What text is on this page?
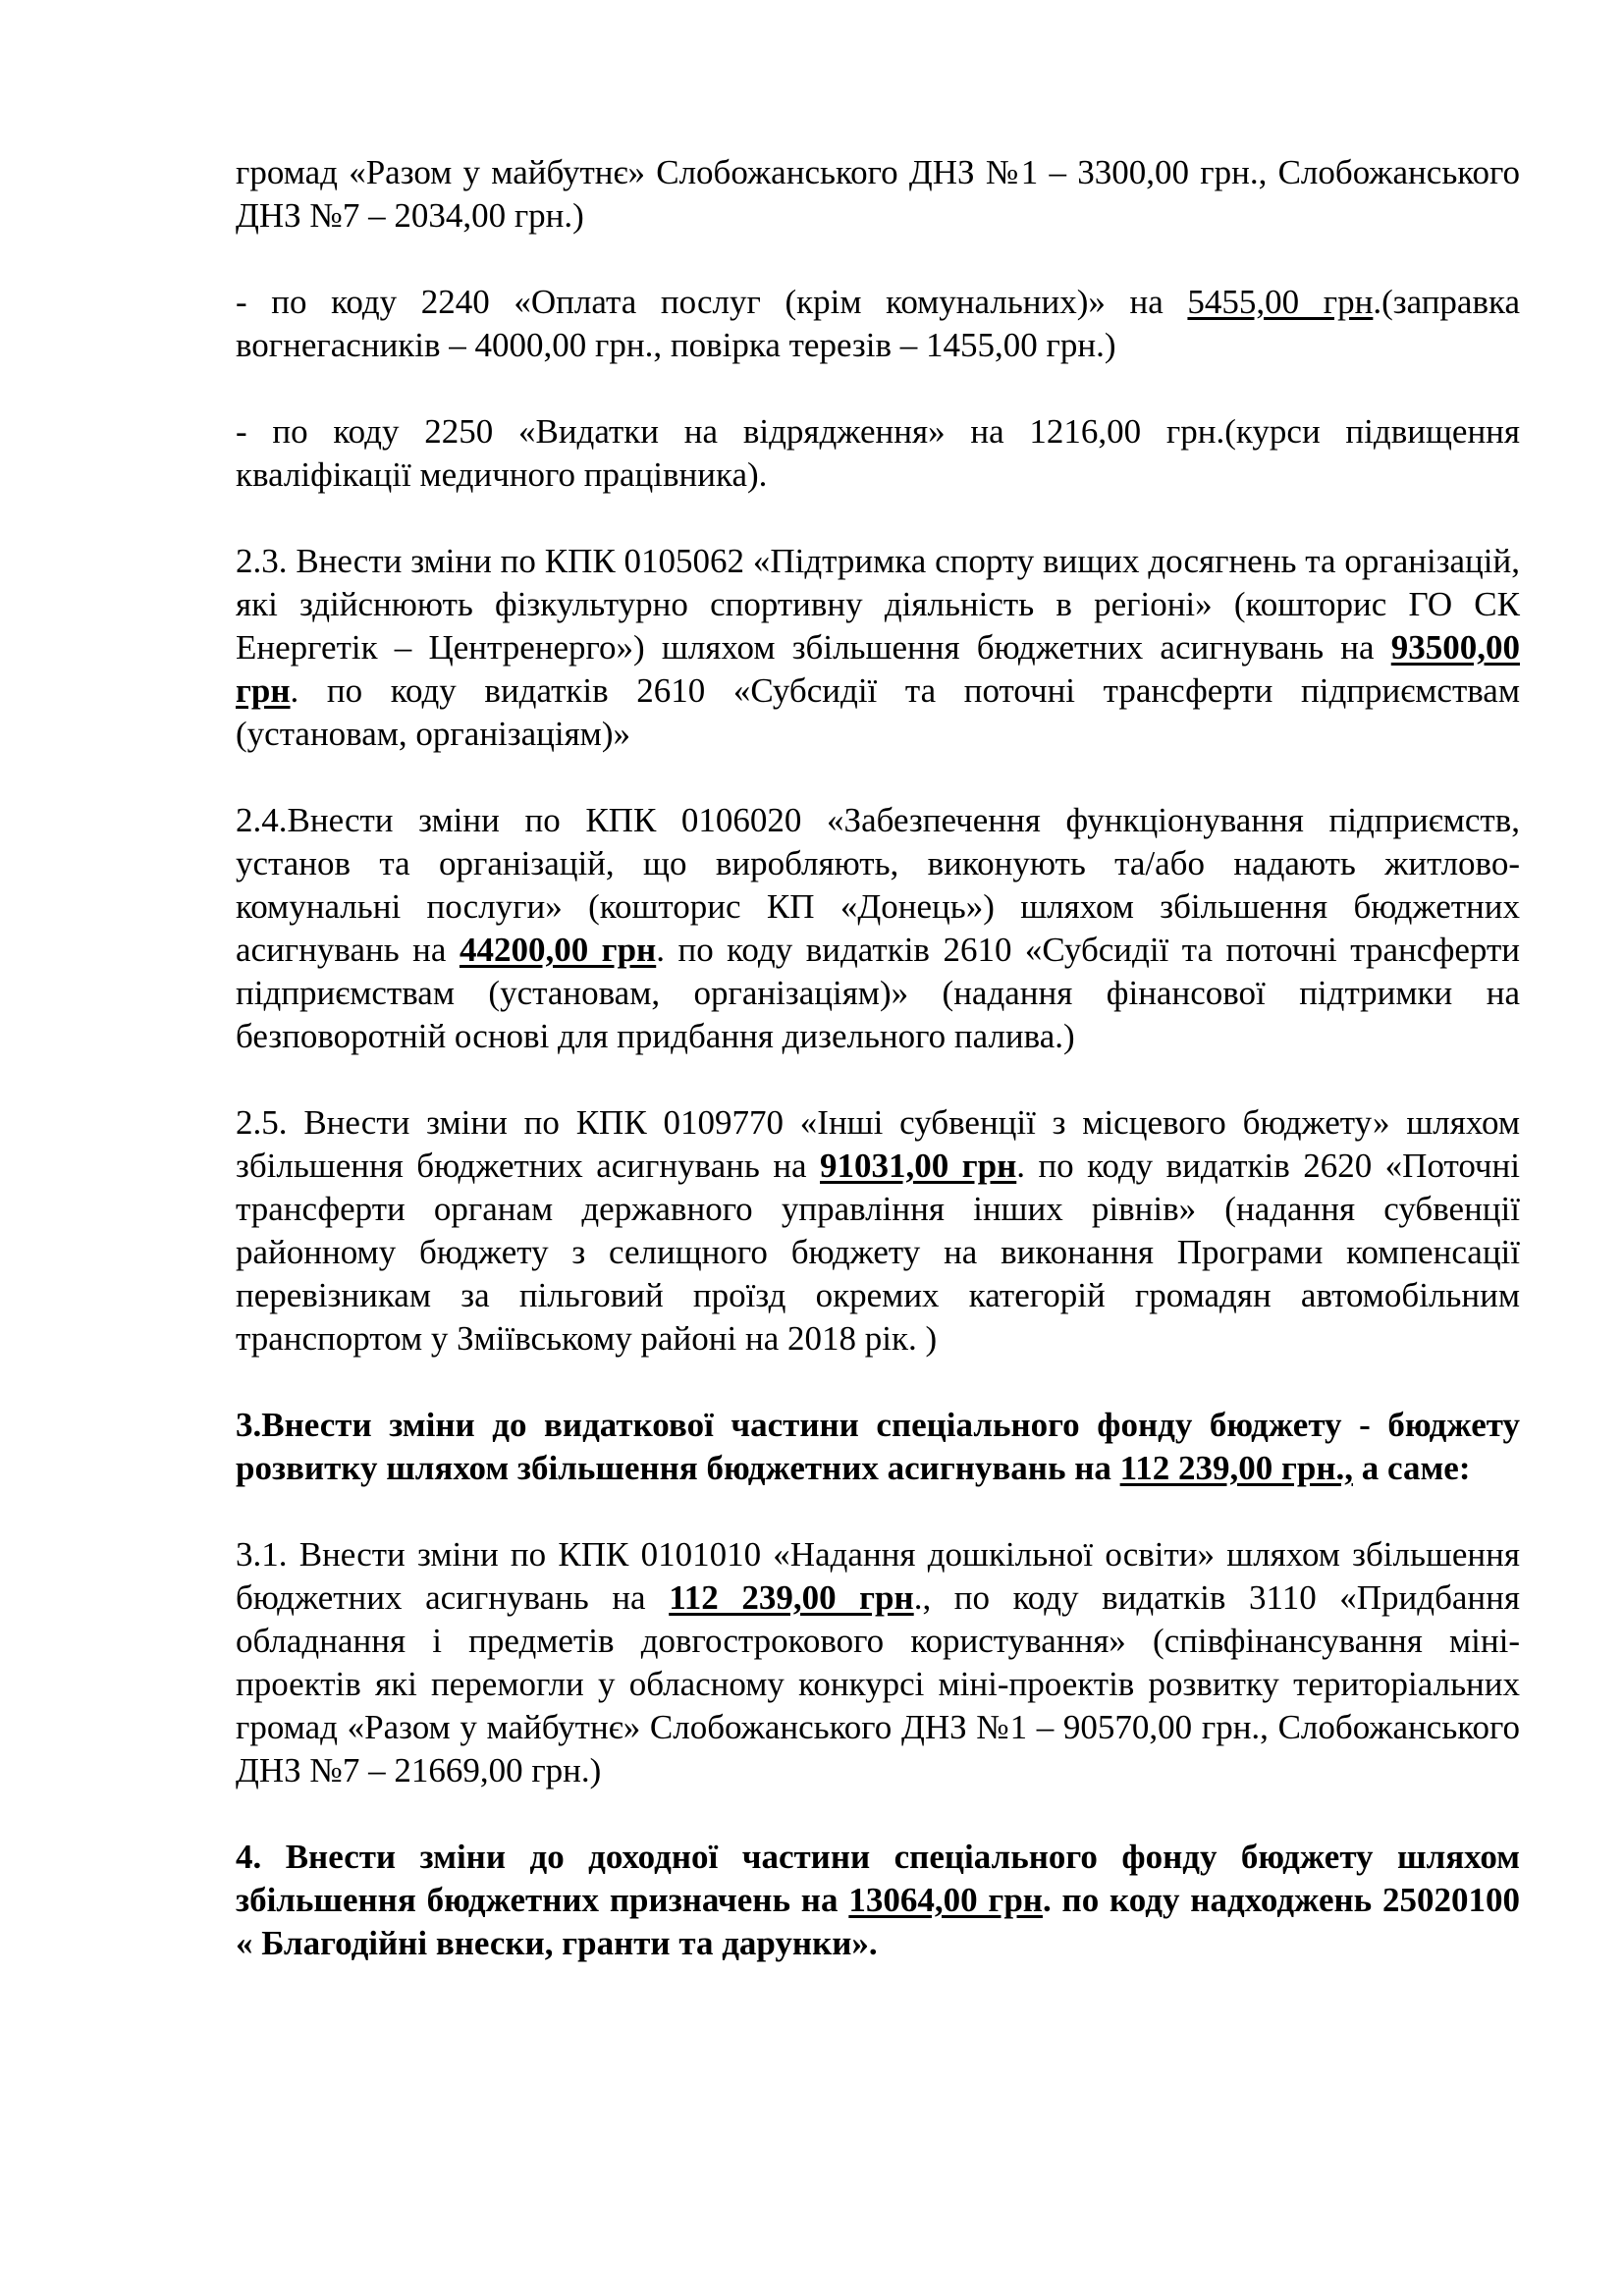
громад «Разом у майбутнє» Слобожанського ДНЗ №1 – 3300,00 грн., Слобожанського ДНЗ №7 – 2034,00 грн.)

- по коду 2240 «Оплата послуг (крім комунальних)» на 5455,00 грн.(заправка вогнегасників – 4000,00 грн., повірка терезів – 1455,00 грн.)

- по коду 2250 «Видатки на відрядження» на 1216,00 грн.(курси підвищення кваліфікації медичного працівника).

2.3. Внести зміни по КПК 0105062 «Підтримка спорту вищих досягнень та організацій, які здійснюють фізкультурно спортивну діяльність в регіоні» (кошторис ГО СК Енергетік – Центренерго») шляхом збільшення бюджетних асигнувань на 93500,00 грн. по коду видатків 2610 «Субсидії та поточні трансферти підприємствам (установам, організаціям)»

2.4.Внести зміни по КПК 0106020 «Забезпечення функціонування підприємств, установ та організацій, що виробляють, виконують та/або надають житлово-комунальні послуги» (кошторис КП «Донець») шляхом збільшення бюджетних асигнувань на 44200,00 грн. по коду видатків 2610 «Субсидії та поточні трансферти підприємствам (установам, організаціям)» (надання фінансової підтримки на безповоротній основі для придбання дизельного палива.)

2.5. Внести зміни по КПК 0109770 «Інші субвенції з місцевого бюджету» шляхом збільшення бюджетних асигнувань на 91031,00 грн. по коду видатків 2620 «Поточні трансферти органам державного управління інших рівнів» (надання субвенції районному бюджету з селищного бюджету на виконання Програми компенсації перевізникам за пільговий проїзд окремих категорій громадян автомобільним транспортом у Зміївському районі на 2018 рік. )

3.Внести зміни до видаткової частини спеціального фонду бюджету - бюджету розвитку шляхом збільшення бюджетних асигнувань на 112 239,00 грн., а саме:

3.1. Внести зміни по КПК 0101010 «Надання дошкільної освіти» шляхом збільшення бюджетних асигнувань на 112 239,00 грн., по коду видатків 3110 «Придбання обладнання і предметів довгострокового користування» (співфінансування міні-проектів які перемогли у обласному конкурсі міні-проектів розвитку територіальних громад «Разом у майбутнє» Слобожанського ДНЗ №1 – 90570,00 грн., Слобожанського ДНЗ №7 – 21669,00 грн.)

4. Внести зміни до доходної частини спеціального фонду бюджету шляхом збільшення бюджетних призначень на 13064,00 грн. по коду надходжень 25020100 « Благодійні внески, гранти та дарунки».
